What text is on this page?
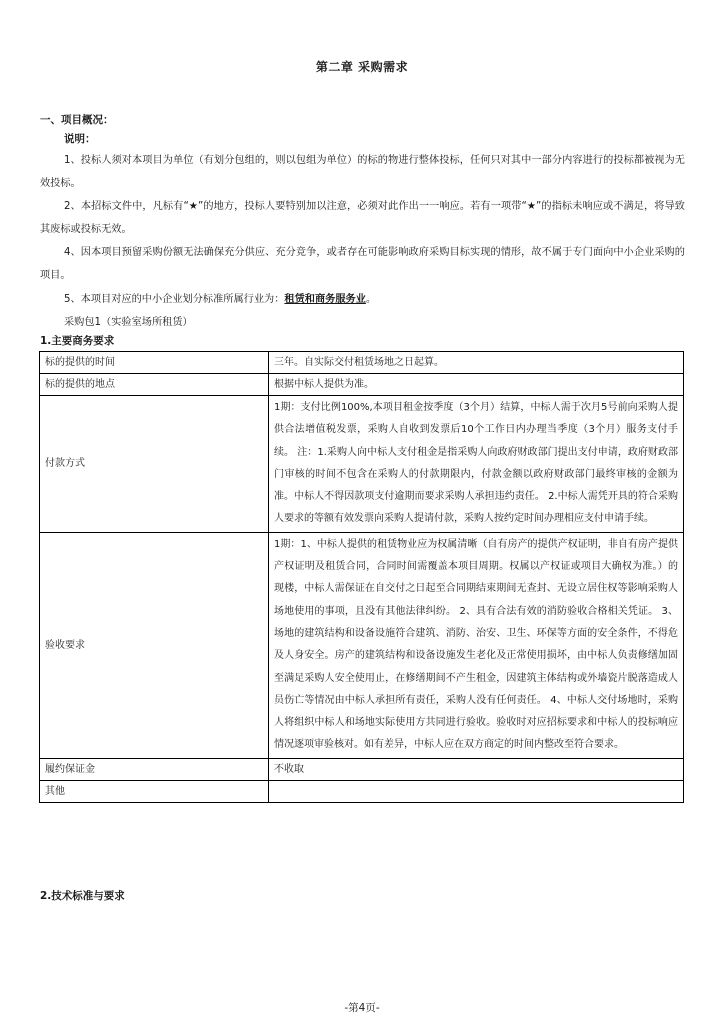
第二章 采购需求
一、项目概况：
说明：
1、投标人须对本项目为单位（有划分包组的，则以包组为单位）的标的物进行整体投标，任何只对其中一部分内容进行的投标都被视为无效投标。
2、本招标文件中，凡标有“★”的地方，投标人要特别加以注意，必须对此作出一一响应。若有一项带“★”的指标未响应或不满足，将导致其废标或投标无效。
4、因本项目预留采购份额无法确保充分供应、充分竞争，或者存在可能影响政府采购目标实现的情形，故不属于专门面向中小企业采购的项目。
5、本项目对应的中小企业划分标准所属行业为：租赁和商务服务业。
采购包1（实验室场所租赁）
1.主要商务要求
标的提供的时间	三年。自实际交付租赁场地之日起算。
标的提供的地点	根据中标人提供为准。
付款方式	1期：支付比例100%,本项目租金按季度（3个月）结算，中标人需于次月5号前向采购人提供合法增值税发票，采购人自收到发票后10个工作日内办理当季度（3个月）服务支付手续。 注：1.采购人向中标人支付租金是指采购人向政府财政部门提出支付申请，政府财政部门审核的时间不包含在采购人的付款期限内，付款金额以政府财政部门最终审核的金额为准。中标人不得因款项支付逾期而要求采购人承担违约责任。 2.中标人需凭开具的符合采购人要求的等额有效发票向采购人提请付款，采购人按约定时间办理相应支付申请手续。
验收要求	1期：1、中标人提供的租赁物业应为权属清晰（自有房产的提供产权证明，非自有房产提供产权证明及租赁合同，合同时间需覆盖本项目周期。权属以产权证或项目大确权为准。）的现楼，中标人需保证在自交付之日起至合同期结束期间无查封、无设立居住权等影响采购人场地使用的事项，且没有其他法律纠纷。 2、具有合法有效的消防验收合格相关凭证。 3、场地的建筑结构和设备设施符合建筑、消防、治安、卫生、环保等方面的安全条件，不得危及人身安全。房产的建筑结构和设备设施发生老化及正常使用损坏，由中标人负责修缮加固至满足采购人安全使用止，在修缮期间不产生租金，因建筑主体结构或外墙瓷片脱落造成人员伤亡等情况由中标人承担所有责任，采购人没有任何责任。 4、中标人交付场地时，采购人将组织中标人和场地实际使用方共同进行验收。验收时对应招标要求和中标人的投标响应情况逐项审验核对。如有差异，中标人应在双方商定的时间内整改至符合要求。
履约保证金	不收取
其他	
2.技术标准与要求
-第4页-
